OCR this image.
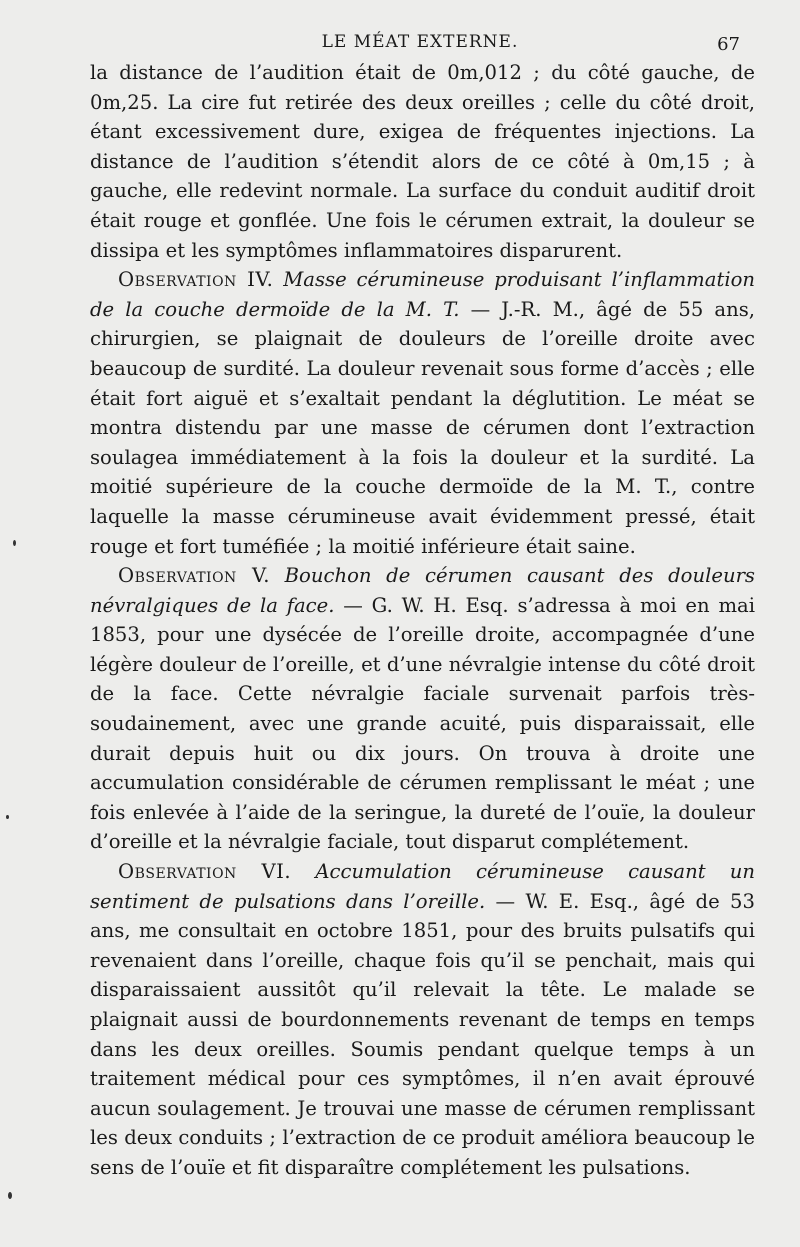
LE MÉAT EXTERNE.	67

la distance de l’audition était de 0m,012 ; du côté gauche, de 0m,25. La cire fut retirée des deux oreilles ; celle du côté droit, étant excessivement dure, exigea de fréquentes injections. La distance de l’audition s’étendit alors de ce côté à 0m,15 ; à gauche, elle redevint normale. La surface du conduit auditif droit était rouge et gonflée. Une fois le cérumen extrait, la douleur se dissipa et les symptômes inflammatoires disparurent.

Observation IV. Masse cérumineuse produisant l’inflammation de la couche dermoïde de la M. T. — J.-R. M., âgé de 55 ans, chirurgien, se plaignait de douleurs de l’oreille droite avec beaucoup de surdité. La douleur revenait sous forme d’accès ; elle était fort aiguë et s’exaltait pendant la déglutition. Le méat se montra distendu par une masse de cérumen dont l’extraction soulagea immédiatement à la fois la douleur et la surdité. La moitié supérieure de la couche dermoïde de la M. T., contre laquelle la masse cérumineuse avait évidemment pressé, était rouge et fort tuméfiée ; la moitié inférieure était saine.

Observation V. Bouchon de cérumen causant des douleurs névralgiques de la face. — G. W. H. Esq. s’adressa à moi en mai 1853, pour une dysécée de l’oreille droite, accompagnée d’une légère douleur de l’oreille, et d’une névralgie intense du côté droit de la face. Cette névralgie faciale survenait parfois très-soudainement, avec une grande acuité, puis disparaissait, elle durait depuis huit ou dix jours. On trouva à droite une accumulation considérable de cérumen remplissant le méat ; une fois enlevée à l’aide de la seringue, la dureté de l’ouïe, la douleur d’oreille et la névralgie faciale, tout disparut complétement.

Observation VI. Accumulation cérumineuse causant un sentiment de pulsations dans l’oreille. — W. E. Esq., âgé de 53 ans, me consultait en octobre 1851, pour des bruits pulsatifs qui revenaient dans l’oreille, chaque fois qu’il se penchait, mais qui disparaissaient aussitôt qu’il relevait la tête. Le malade se plaignait aussi de bourdonnements revenant de temps en temps dans les deux oreilles. Soumis pendant quelque temps à un traitement médical pour ces symptômes, il n’en avait éprouvé aucun soulagement. Je trouvai une masse de cérumen remplissant les deux conduits ; l’extraction de ce produit améliora beaucoup le sens de l’ouïe et fit disparaître complétement les pulsations.
